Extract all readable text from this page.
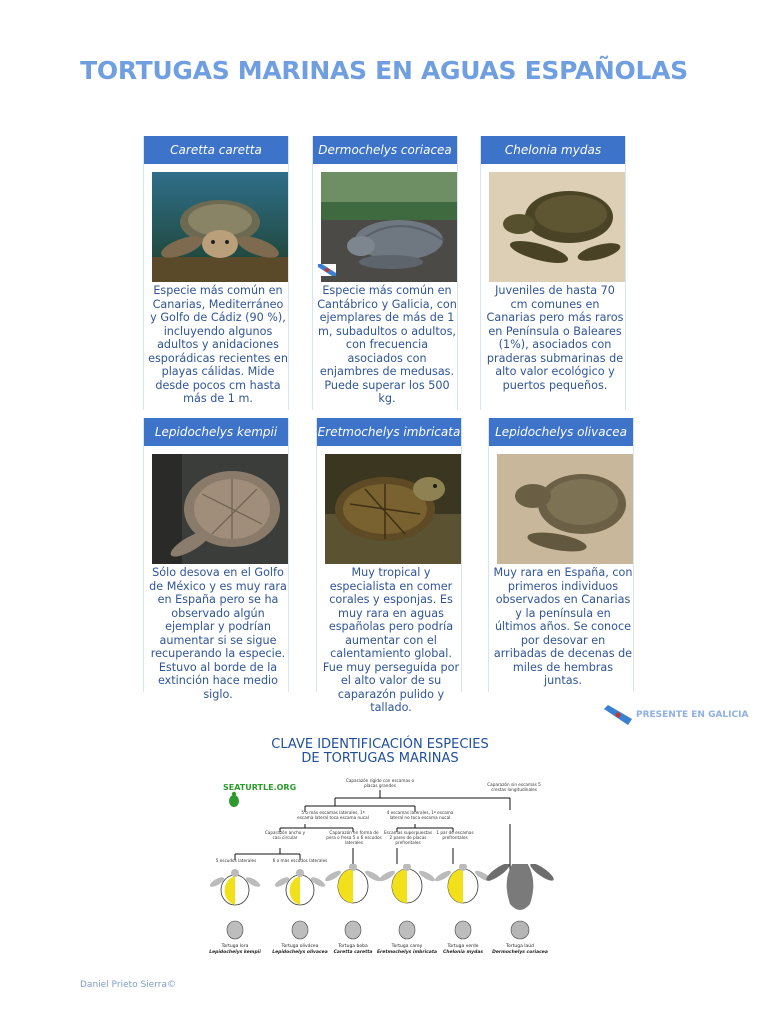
TORTUGAS MARINAS EN AGUAS ESPAÑOLAS
Caretta caretta
Especie más común en Canarias, Mediterráneo y Golfo de Cádiz (90 %), incluyendo algunos adultos y anidaciones esporádicas recientes en playas cálidas. Mide desde pocos cm hasta más de 1 m.
Dermochelys coriacea
Especie más común en Cantábrico y Galicia, con ejemplares de más de 1 m, subadultos o adultos, con frecuencia asociados con enjambres de medusas. Puede superar los 500 kg.
Chelonia mydas
Juveniles de hasta 70 cm comunes en Canarias pero más raros en Península o Baleares (1%), asociados con praderas submarinas de alto valor ecológico y puertos pequeños.
Lepidochelys kempii
Sólo desova en el Golfo de México y es muy rara en España pero se ha observado algún ejemplar y podrían aumentar si se sigue recuperando la especie. Estuvo al borde de la extinción hace medio siglo.
Eretmochelys imbricata
Muy tropical y especialista en comer corales y esponjas. Es muy rara en aguas españolas pero podría aumentar con el calentamiento global. Fue muy perseguida por el alto valor de su caparazón pulido y tallado.
Lepidochelys olivacea
Muy rara en España, con primeros individuos observados en Canarias y la península en últimos años. Se conoce por desovar en arribadas de decenas de miles de hembras juntas.
PRESENTE EN GALICIA
CLAVE IDENTIFICACIÓN ESPECIES
DE TORTUGAS MARINAS
SEATURTLE.ORG
Caparazón rígido con escamas o placas grandes	Caparazón sin escamas 5 crestas longitudinales
5 o más escamas laterales, 1ª escama lateral toca escama nucal
4 escamas laterales, 1ª escama lateral no toca escama nucal
Caparazón ancho y casi circular
Caparazón en forma de pera o fresa 5 o 6 escudos laterales
Escamas superpuestas 2 pares de placas prefrontales
1 par de escamas prefrontales
5 escudos laterales	6 o más escudos laterales
Tortuga lora
Lepidochelys kempii
Tortuga olivácea
Lepidochelys olivacea
Tortuga boba
Caretta caretta
Tortuga carey
Eretmochelys imbricata
Tortuga verde
Chelonia mydas
Tortuga laúd
Dermochelys coriacea
Daniel Prieto Sierra©
